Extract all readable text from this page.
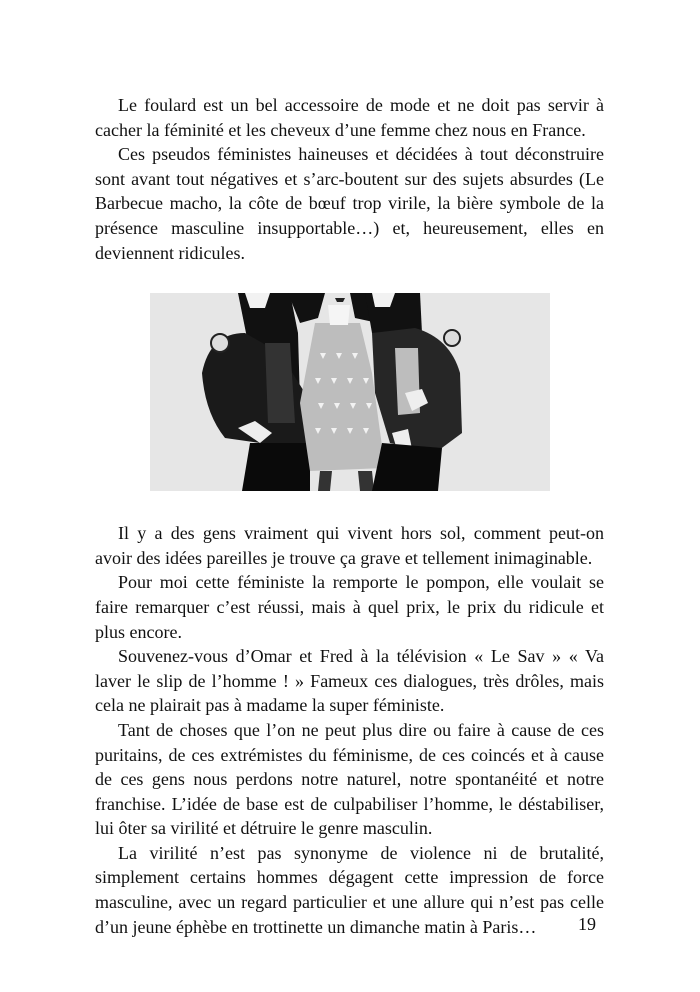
Le foulard est un bel accessoire de mode et ne doit pas servir à cacher la féminité et les cheveux d’une femme chez nous en France.

Ces pseudos féministes haineuses et décidées à tout déconstruire sont avant tout négatives et s’arc-boutent sur des sujets absurdes (Le Barbecue macho, la côte de bœuf trop virile, la bière symbole de la présence masculine insupportable…) et, heureusement, elles en deviennent ridicules.

Il y a des gens vraiment qui vivent hors sol, comment peut-on avoir des idées pareilles je trouve ça grave et tellement inimaginable.

Pour moi cette féministe la remporte le pompon, elle voulait se faire remarquer c’est réussi, mais à quel prix, le prix du ridicule et plus encore.

Souvenez-vous d’Omar et Fred à la télévision « Le Sav » « Va laver le slip de l’homme ! » Fameux ces dialogues, très drôles, mais cela ne plairait pas à madame la super féministe.

Tant de choses que l’on ne peut plus dire ou faire à cause de ces puritains, de ces extrémistes du féminisme, de ces coincés et à cause de ces gens nous perdons notre naturel, notre spontanéité et notre franchise. L’idée de base est de culpabiliser l’homme, le déstabiliser, lui ôter sa virilité et détruire le genre masculin.

La virilité n’est pas synonyme de violence ni de brutalité, simplement certains hommes dégagent cette impression de force masculine, avec un regard particulier et une allure qui n’est pas celle d’un jeune éphèbe en trottinette un dimanche matin à Paris…	19
